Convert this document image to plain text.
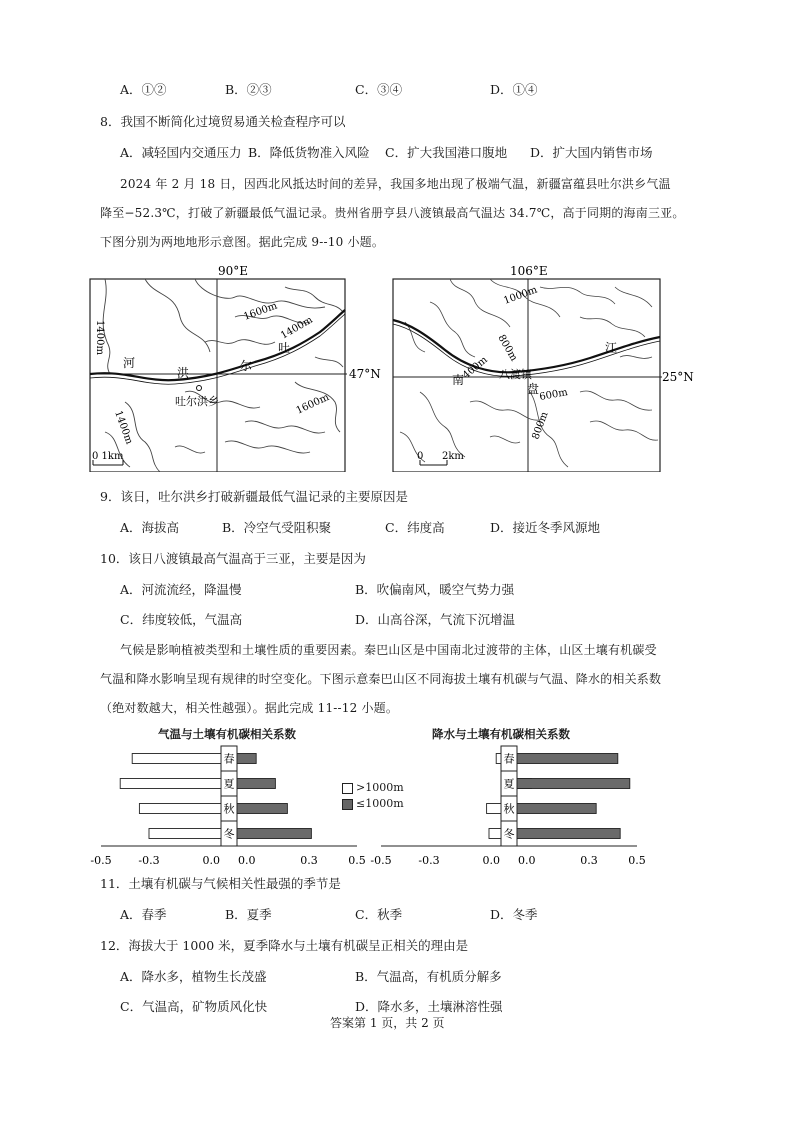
A．①②	B．②③	C．③④	D．①④
8．我国不断简化过境贸易通关检查程序可以
A．减轻国内交通压力 B．降低货物准入风险 C．扩大我国港口腹地 D．扩大国内销售市场
2024 年 2 月 18 日，因西北风抵达时间的差异，我国多地出现了极端气温，新疆富蕴县吐尔洪乡气温
降至−52.3℃，打破了新疆最低气温记录。贵州省册亨县八渡镇最高气温达 34.7℃，高于同期的海南三亚。
下图分别为两地地形示意图。据此完成 9--10 小题。
90°E
47°N
1400m
1600m
1400m
1400m
1600m
河
洪	尔
吐
吐尔洪乡
0 1km
106°E
25°N
1000m
800m
400m
600m
800m
南
盘
江
八渡镇
0 2km
9．该日，吐尔洪乡打破新疆最低气温记录的主要原因是
A．海拔高	B．冷空气受阻积聚	C．纬度高	D．接近冬季风源地
10．该日八渡镇最高气温高于三亚，主要是因为
A．河流流经，降温慢	B．吹偏南风，暖空气势力强
C．纬度较低，气温高	D．山高谷深，气流下沉增温
气候是影响植被类型和土壤性质的重要因素。秦巴山区是中国南北过渡带的主体，山区土壤有机碳受
气温和降水影响呈现有规律的时空变化。下图示意秦巴山区不同海拔土壤有机碳与气温、降水的相关系数
（绝对数越大，相关性越强）。据此完成 11--12 小题。
气温与土壤有机碳相关系数	降水与土壤有机碳相关系数
春
夏
秋
冬
-0.5 -0.3	0.0 0.0	0.3	0.5
春
夏
秋
冬
-0.5 -0.3	0.0 0.0	0.3	0.5
>1000m
≤1000m
11．土壤有机碳与气候相关性最强的季节是
A．春季	B．夏季	C．秋季	D．冬季
12．海拔大于 1000 米，夏季降水与土壤有机碳呈正相关的理由是
A．降水多，植物生长茂盛	B．气温高，有机质分解多
C．气温高，矿物质风化快	D．降水多，土壤淋溶性强
答案第 1 页，共 2 页
